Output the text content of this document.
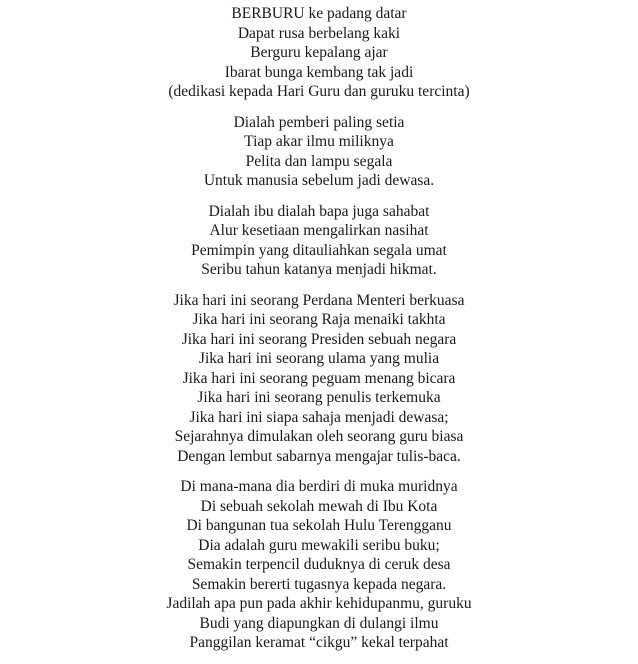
BERBURU ke padang datar
Dapat rusa berbelang kaki
Berguru kepalang ajar
Ibarat bunga kembang tak jadi
(dedikasi kepada Hari Guru dan guruku tercinta)
Dialah pemberi paling setia
Tiap akar ilmu miliknya
Pelita dan lampu segala
Untuk manusia sebelum jadi dewasa.
Dialah ibu dialah bapa juga sahabat
Alur kesetiaan mengalirkan nasihat
Pemimpin yang ditauliahkan segala umat
Seribu tahun katanya menjadi hikmat.
Jika hari ini seorang Perdana Menteri berkuasa
Jika hari ini seorang Raja menaiki takhta
Jika hari ini seorang Presiden sebuah negara
Jika hari ini seorang ulama yang mulia
Jika hari ini seorang peguam menang bicara
Jika hari ini seorang penulis terkemuka
Jika hari ini siapa sahaja menjadi dewasa;
Sejarahnya dimulakan oleh seorang guru biasa
Dengan lembut sabarnya mengajar tulis-baca.
Di mana-mana dia berdiri di muka muridnya
Di sebuah sekolah mewah di Ibu Kota
Di bangunan tua sekolah Hulu Terengganu
Dia adalah guru mewakili seribu buku;
Semakin terpencil duduknya di ceruk desa
Semakin bererti tugasnya kepada negara.
Jadilah apa pun pada akhir kehidupanmu, guruku
Budi yang diapungkan di dulangi ilmu
Panggilan keramat “cikgu” kekal terpahat
